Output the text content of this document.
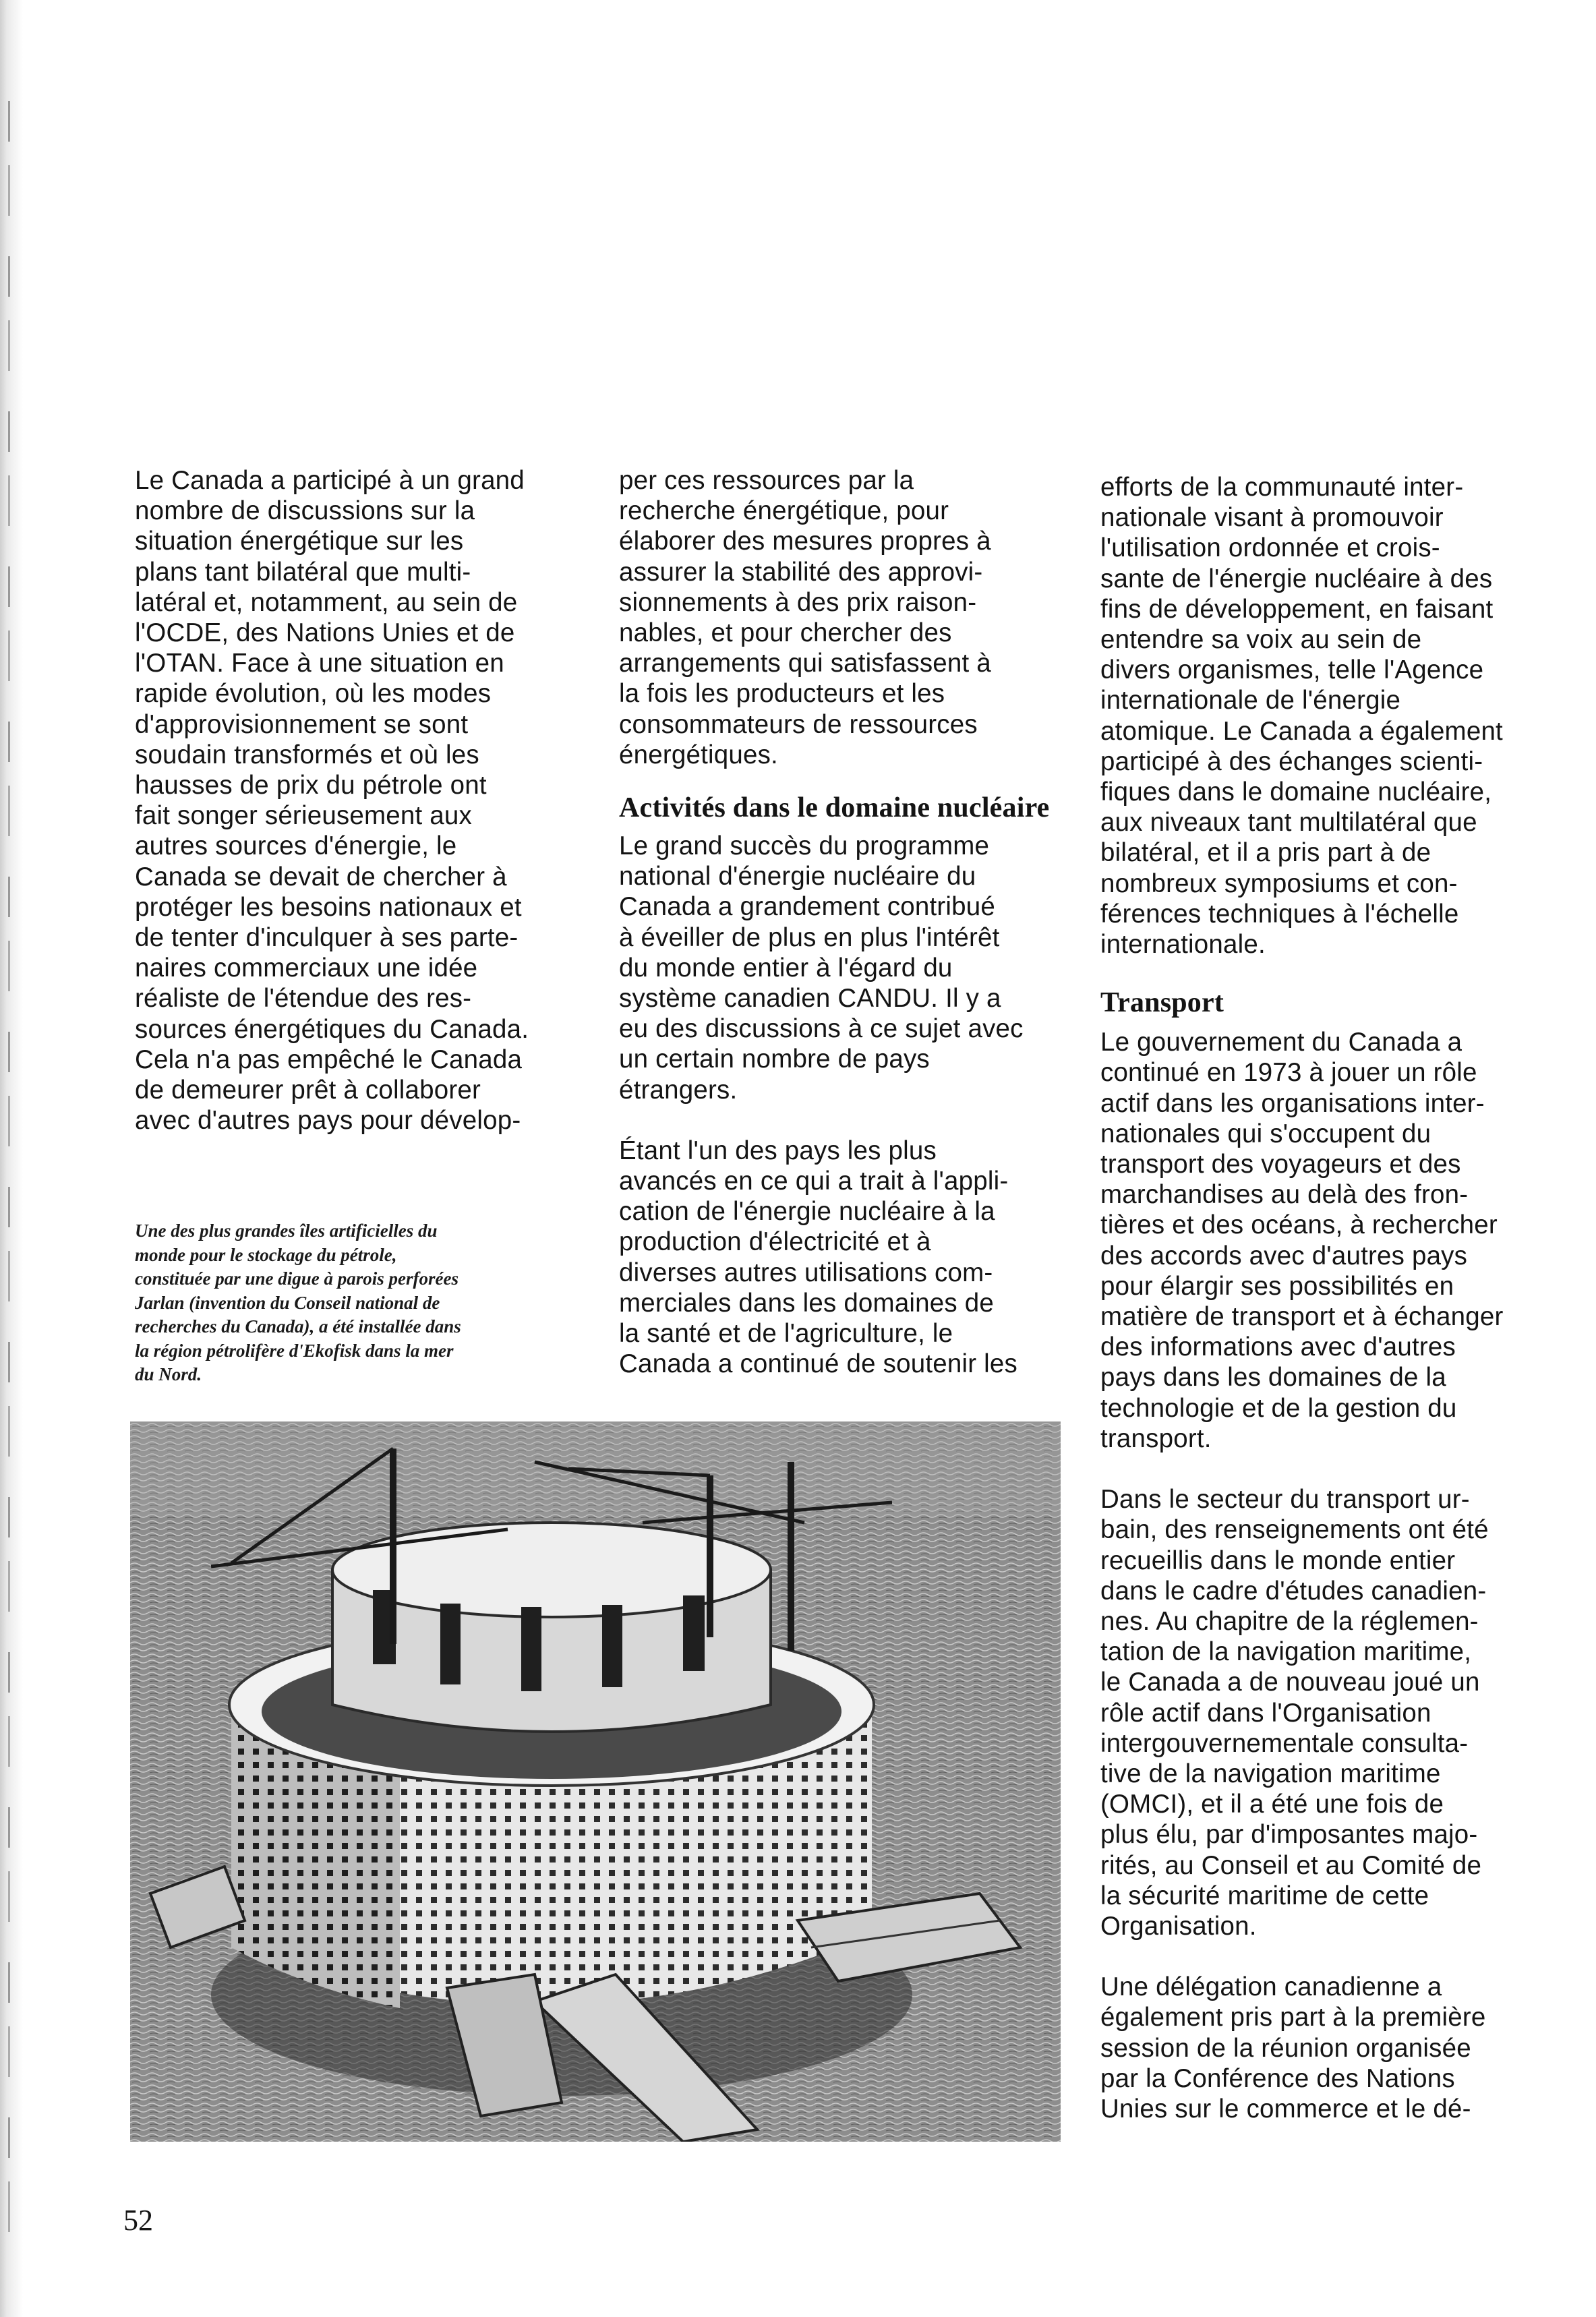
Le Canada a participé à un grand
nombre de discussions sur la
situation énergétique sur les
plans tant bilatéral que multi-
latéral et, notamment, au sein de
l'OCDE, des Nations Unies et de
l'OTAN. Face à une situation en
rapide évolution, où les modes
d'approvisionnement se sont
soudain transformés et où les
hausses de prix du pétrole ont
fait songer sérieusement aux
autres sources d'énergie, le
Canada se devait de chercher à
protéger les besoins nationaux et
de tenter d'inculquer à ses parte-
naires commerciaux une idée
réaliste de l'étendue des res-
sources énergétiques du Canada.
Cela n'a pas empêché le Canada
de demeurer prêt à collaborer
avec d'autres pays pour dévelop-

Une des plus grandes îles artificielles du
monde pour le stockage du pétrole,
constituée par une digue à parois perforées
Jarlan (invention du Conseil national de
recherches du Canada), a été installée dans
la région pétrolifère d'Ekofisk dans la mer
du Nord.

per ces ressources par la
recherche énergétique, pour
élaborer des mesures propres à
assurer la stabilité des approvi-
sionnements à des prix raison-
nables, et pour chercher des
arrangements qui satisfassent à
la fois les producteurs et les
consommateurs de ressources
énergétiques.

Activités dans le domaine nucléaire

Le grand succès du programme
national d'énergie nucléaire du
Canada a grandement contribué
à éveiller de plus en plus l'intérêt
du monde entier à l'égard du
système canadien CANDU. Il y a
eu des discussions à ce sujet avec
un certain nombre de pays
étrangers.

Étant l'un des pays les plus
avancés en ce qui a trait à l'appli-
cation de l'énergie nucléaire à la
production d'électricité et à
diverses autres utilisations com-
merciales dans les domaines de
la santé et de l'agriculture, le
Canada a continué de soutenir les

efforts de la communauté inter-
nationale visant à promouvoir
l'utilisation ordonnée et crois-
sante de l'énergie nucléaire à des
fins de développement, en faisant
entendre sa voix au sein de
divers organismes, telle l'Agence
internationale de l'énergie
atomique. Le Canada a également
participé à des échanges scienti-
fiques dans le domaine nucléaire,
aux niveaux tant multilatéral que
bilatéral, et il a pris part à de
nombreux symposiums et con-
férences techniques à l'échelle
internationale.

Transport

Le gouvernement du Canada a
continué en 1973 à jouer un rôle
actif dans les organisations inter-
nationales qui s'occupent du
transport des voyageurs et des
marchandises au delà des fron-
tières et des océans, à rechercher
des accords avec d'autres pays
pour élargir ses possibilités en
matière de transport et à échanger
des informations avec d'autres
pays dans les domaines de la
technologie et de la gestion du
transport.

Dans le secteur du transport ur-
bain, des renseignements ont été
recueillis dans le monde entier
dans le cadre d'études canadien-
nes. Au chapitre de la réglemen-
tation de la navigation maritime,
le Canada a de nouveau joué un
rôle actif dans l'Organisation
intergouvernementale consulta-
tive de la navigation maritime
(OMCI), et il a été une fois de
plus élu, par d'imposantes majo-
rités, au Conseil et au Comité de
la sécurité maritime de cette
Organisation.

Une délégation canadienne a
également pris part à la première
session de la réunion organisée
par la Conférence des Nations
Unies sur le commerce et le dé-

52
